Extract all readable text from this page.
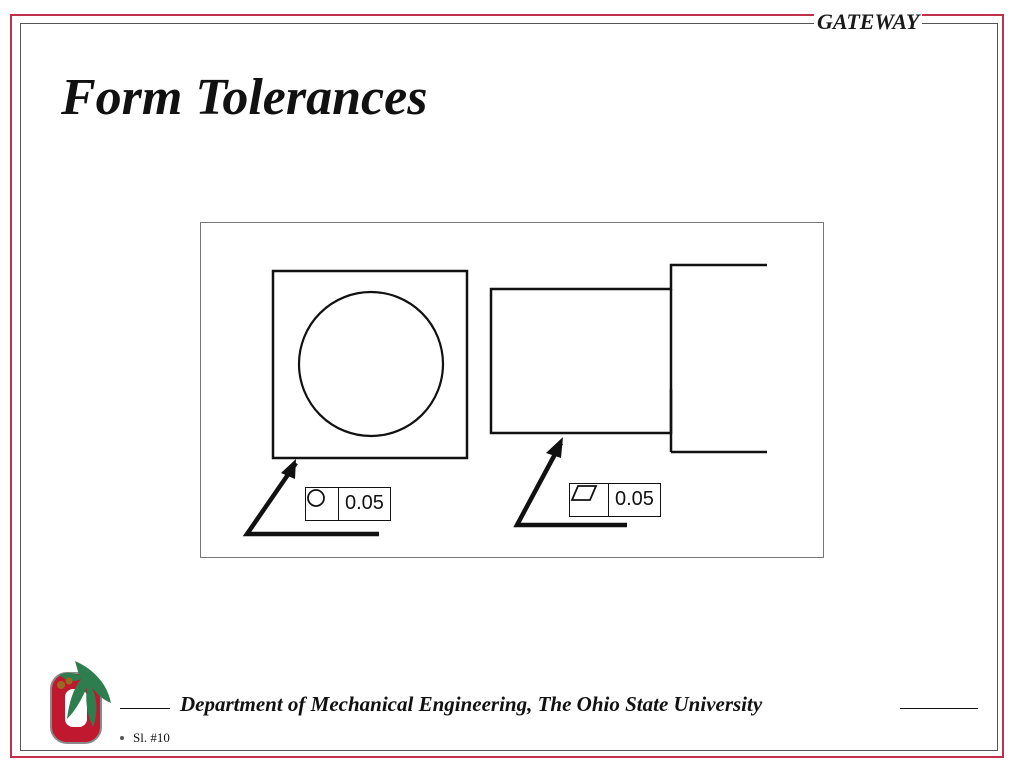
GATEWAY
Form Tolerances
0.05	0.05
Department of Mechanical Engineering, The Ohio State University
Sl. #10
